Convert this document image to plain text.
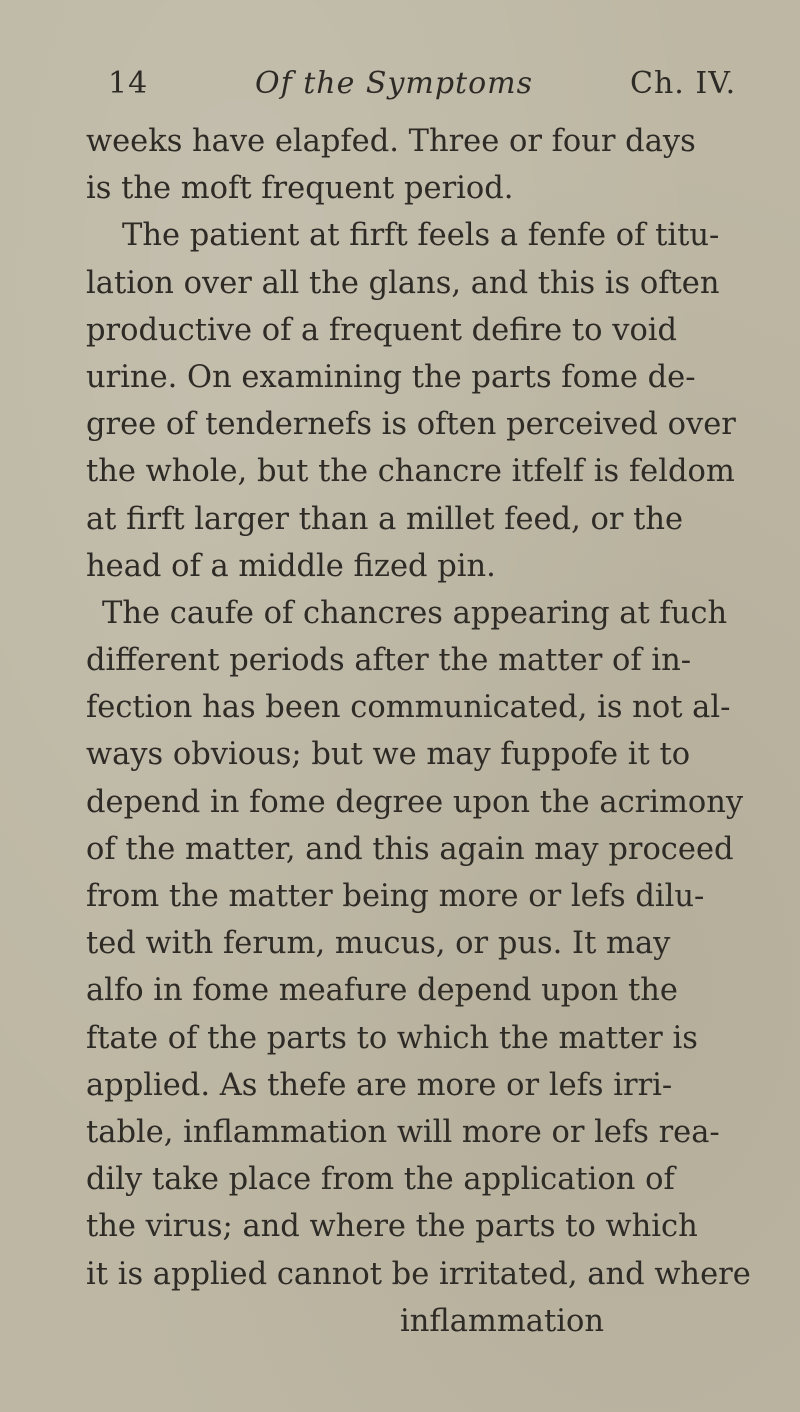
14	Of the Symptoms	Ch. IV.
weeks have elapfed. Three or four days
is the moft frequent period.
The patient at firft feels a fenfe of titu-
lation over all the glans, and this is often
productive of a frequent defire to void
urine. On examining the parts fome de-
gree of tendernefs is often perceived over
the whole, but the chancre itfelf is feldom
at firft larger than a millet feed, or the
head of a middle fized pin.
The caufe of chancres appearing at fuch
different periods after the matter of in-
fection has been communicated, is not al-
ways obvious; but we may fuppofe it to
depend in fome degree upon the acrimony
of the matter, and this again may proceed
from the matter being more or lefs dilu-
ted with ferum, mucus, or pus. It may
alfo in fome meafure depend upon the
ftate of the parts to which the matter is
applied. As thefe are more or lefs irri-
table, inflammation will more or lefs rea-
dily take place from the application of
the virus; and where the parts to which
it is applied cannot be irritated, and where
inflammation
